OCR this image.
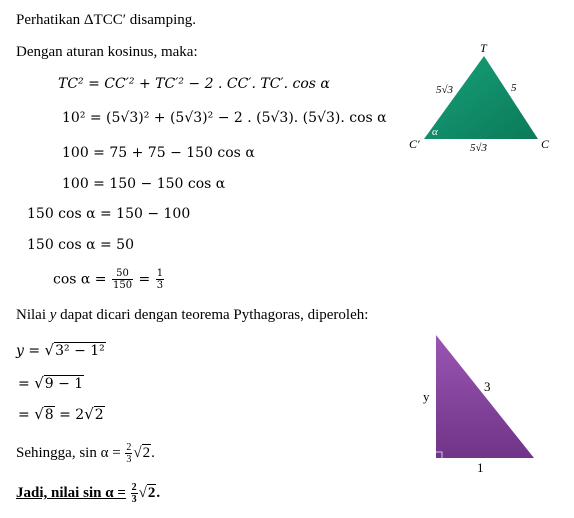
Perhatikan ΔTCC′ disamping.
Dengan aturan kosinus, maka:
TC² = CC′² + TC′² − 2 . CC′. TC′. cos α
10² = (5√3)² + (5√3)² − 2 . (5√3). (5√3). cos α
100 = 75 + 75 − 150 cos α
100 = 150 − 150 cos α
150 cos α = 150 − 100
150 cos α = 50
$\cos \alpha = \frac{50}{150} = \frac{1}{3}$
Nilai y dapat dicari dengan teorema Pythagoras, diperoleh:
y = √3² − 1²
= √9 − 1
= √8 = 2√2
Sehingga, $\sin \alpha = \frac{2}{3} √2$.
Jadi, nilai $\sin \alpha = \frac{2}{3} √2$.
T
C′	C
5√3	5
5√3
α
y
3
1
